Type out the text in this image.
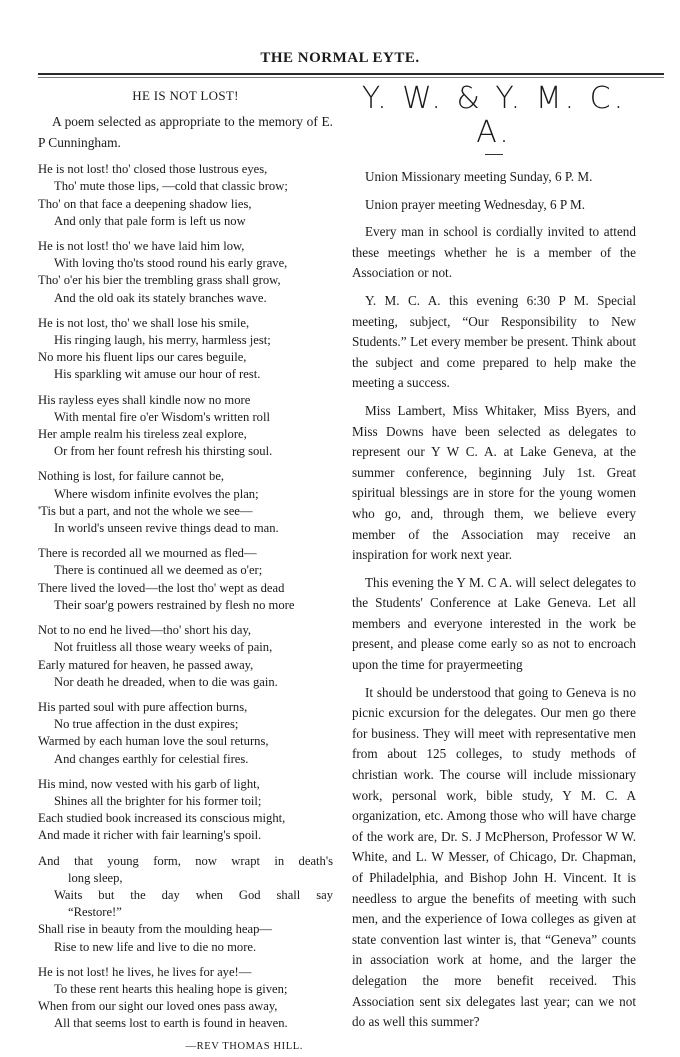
THE NORMAL EYTE.
HE IS NOT LOST!

A poem selected as appropriate to the memory of E. P Cunningham.

He is not lost! tho' closed those lustrous eyes,
Tho' mute those lips, —cold that classic brow;
Tho' on that face a deepening shadow lies,
And only that pale form is left us now
He is not lost! tho' we have laid him low,
With loving tho'ts stood round his early grave,
Tho' o'er his bier the trembling grass shall grow,
And the old oak its stately branches wave.
He is not lost, tho' we shall lose his smile,
His ringing laugh, his merry, harmless jest;
No more his fluent lips our cares beguile,
His sparkling wit amuse our hour of rest.
His rayless eyes shall kindle now no more
With mental fire o'er Wisdom's written roll
Her ample realm his tireless zeal explore,
Or from her fount refresh his thirsting soul.
Nothing is lost, for failure cannot be,
Where wisdom infinite evolves the plan;
'Tis but a part, and not the whole we see—
In world's unseen revive things dead to man.
There is recorded all we mourned as fled—
There is continued all we deemed as o'er;
There lived the loved—the lost tho' wept as dead
Their soar'g powers restrained by flesh no more
Not to no end he lived—tho' short his day,
Not fruitless all those weary weeks of pain,
Early matured for heaven, he passed away,
Nor death he dreaded, when to die was gain.
His parted soul with pure affection burns,
No true affection in the dust expires;
Warmed by each human love the soul returns,
And changes earthly for celestial fires.
His mind, now vested with his garb of light,
Shines all the brighter for his former toil;
Each studied book increased its conscious might,
And made it richer with fair learning's spoil.
And that young form, now wrapt in death's
long sleep,
Waits but the day when God shall say
“Restore!”
Shall rise in beauty from the moulding heap—
Rise to new life and live to die no more.
He is not lost! he lives, he lives for aye!—
To these rent hearts this healing hope is given;
When from our sight our loved ones pass away,
All that seems lost to earth is found in heaven.
—REV THOMAS HILL.
Y. W. & Y. M. C. A.

Union Missionary meeting Sunday, 6 P. M.

Union prayer meeting Wednesday, 6 P M.

Every man in school is cordially invited to attend these meetings whether he is a member of the Association or not.

Y. M. C. A. this evening 6:30 P M. Special meeting, subject, “Our Responsibility to New Students.” Let every member be present. Think about the subject and come prepared to help make the meeting a success.

Miss Lambert, Miss Whitaker, Miss Byers, and Miss Downs have been selected as delegates to represent our Y W C. A. at Lake Geneva, at the summer conference, beginning July 1st. Great spiritual blessings are in store for the young women who go, and, through them, we believe every member of the Association may receive an inspiration for work next year.

This evening the Y M. C A. will select delegates to the Students' Conference at Lake Geneva. Let all members and everyone interested in the work be present, and please come early so as not to encroach upon the time for prayermeeting

It should be understood that going to Geneva is no picnic excursion for the delegates. Our men go there for business. They will meet with representative men from about 125 colleges, to study methods of christian work. The course will include missionary work, personal work, bible study, Y M. C. A organization, etc. Among those who will have charge of the work are, Dr. S. J McPherson, Professor W W. White, and L. W Messer, of Chicago, Dr. Chapman, of Philadelphia, and Bishop John H. Vincent. It is needless to argue the benefits of meeting with such men, and the experience of Iowa colleges as given at state convention last winter is, that “Geneva” counts in association work at home, and the larger the delegation the more benefit received. This Association sent six delegates last year; can we not do as well this summer?
